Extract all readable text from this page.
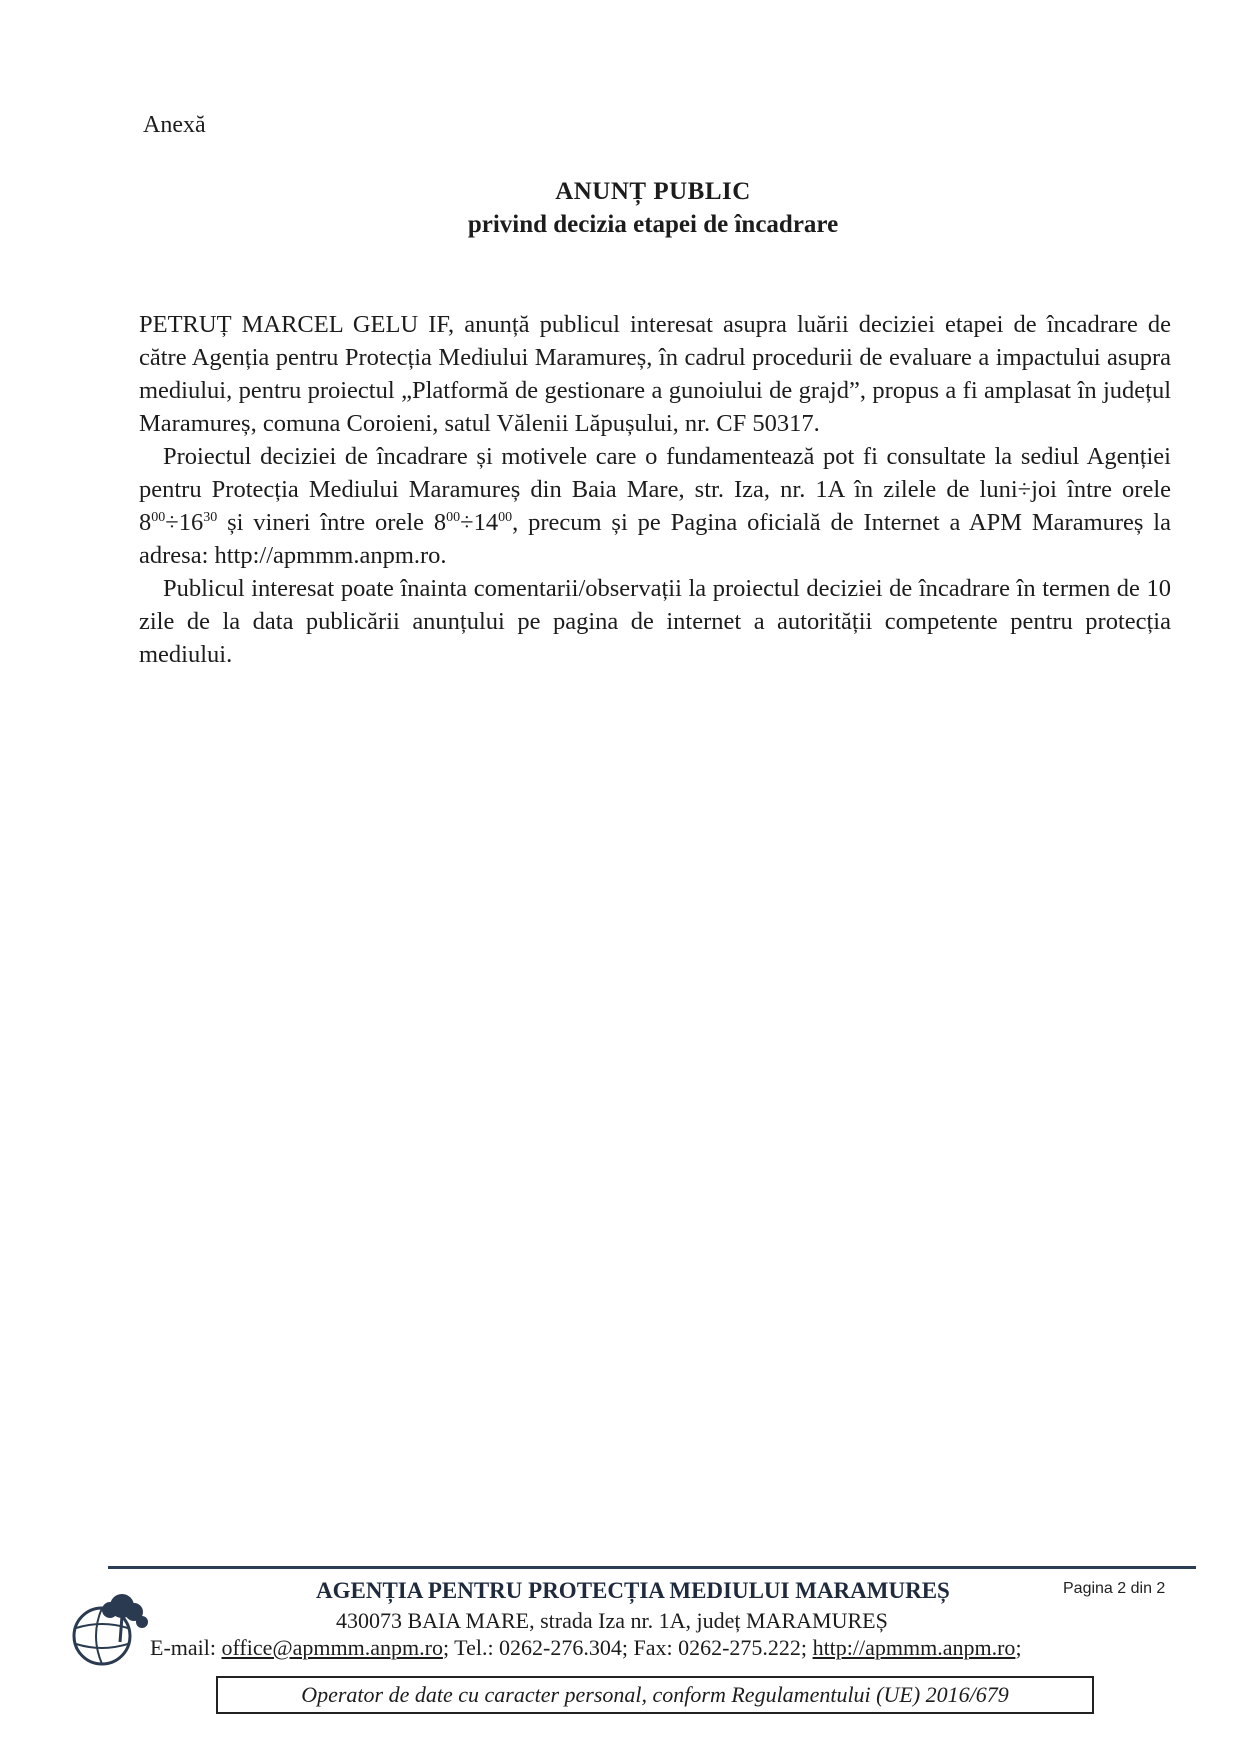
Anexă
ANUNȚ PUBLIC
privind decizia etapei de încadrare

PETRUȚ MARCEL GELU IF, anunță publicul interesat asupra luării deciziei etapei de încadrare de către Agenția pentru Protecția Mediului Maramureș, în cadrul procedurii de evaluare a impactului asupra mediului, pentru proiectul „Platformă de gestionare a gunoiului de grajd”, propus a fi amplasat în județul Maramureș, comuna Coroieni, satul Vălenii Lăpușului, nr. CF 50317.

Proiectul deciziei de încadrare și motivele care o fundamentează pot fi consultate la sediul Agenției pentru Protecția Mediului Maramureș din Baia Mare, str. Iza, nr. 1A în zilele de luni÷joi între orele $8^{00}\div 16^{30}$ și vineri între orele $8^{00}\div 14^{00}$, precum și pe Pagina oficială de Internet a APM Maramureș la adresa: http://apmmm.anpm.ro.

Publicul interesat poate înainta comentarii/observații la proiectul deciziei de încadrare în termen de 10 zile de la data publicării anunțului pe pagina de internet a autorității competente pentru protecția mediului.

AGENȚIA PENTRU PROTECȚIA MEDIULUI MARAMUREȘ	Pagina 2 din 2
430073 BAIA MARE, strada Iza nr. 1A, județ MARAMUREȘ
E-mail: office@apmmm.anpm.ro; Tel.: 0262-276.304; Fax: 0262-275.222; http://apmmm.anpm.ro;
Operator de date cu caracter personal, conform Regulamentului (UE) 2016/679
